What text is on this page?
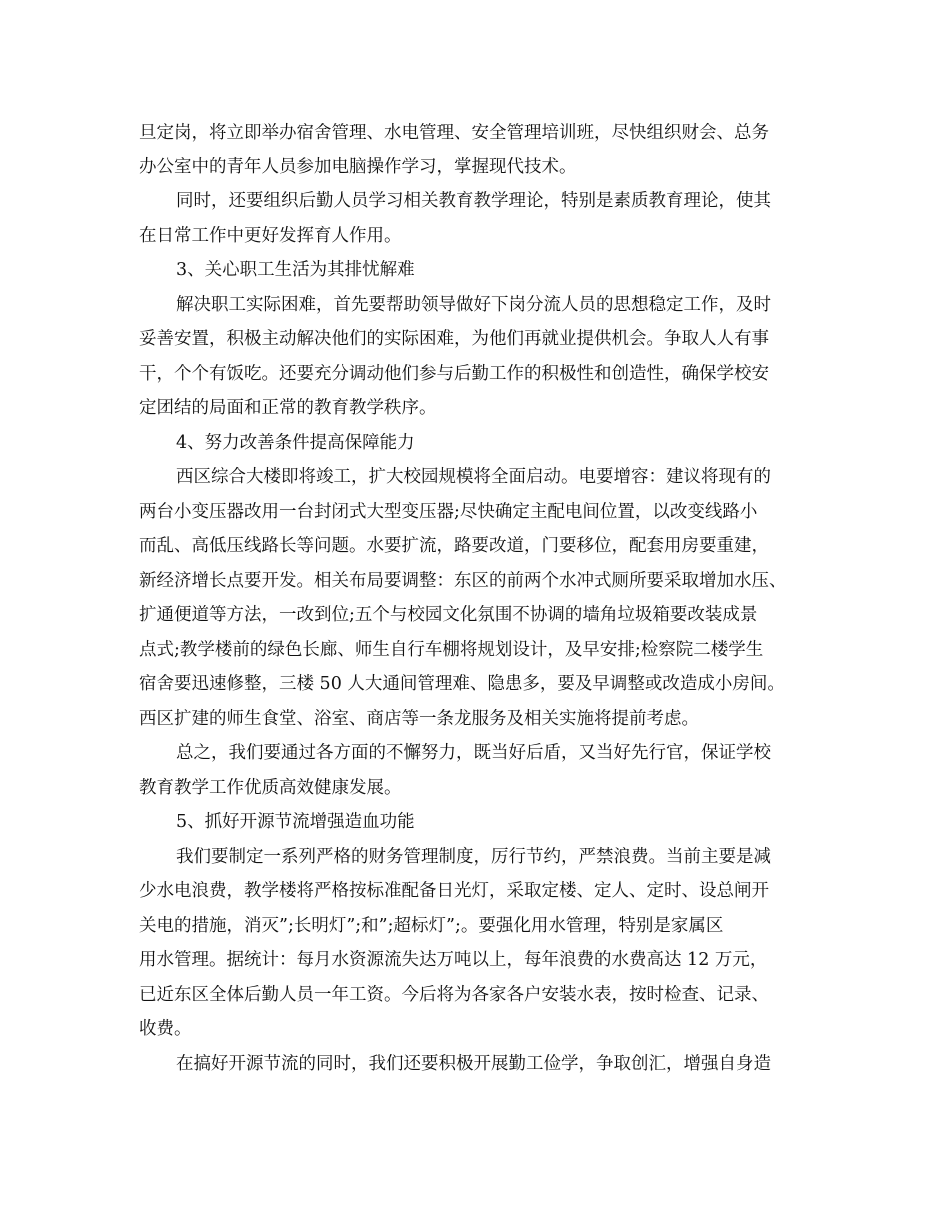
旦定岗，将立即举办宿舍管理、水电管理、安全管理培训班，尽快组织财会、总务
办公室中的青年人员参加电脑操作学习，掌握现代技术。
同时，还要组织后勤人员学习相关教育教学理论，特别是素质教育理论，使其
在日常工作中更好发挥育人作用。
3、关心职工生活为其排忧解难
解决职工实际困难，首先要帮助领导做好下岗分流人员的思想稳定工作，及时
妥善安置，积极主动解决他们的实际困难，为他们再就业提供机会。争取人人有事
干，个个有饭吃。还要充分调动他们参与后勤工作的积极性和创造性，确保学校安
定团结的局面和正常的教育教学秩序。
4、努力改善条件提高保障能力
西区综合大楼即将竣工，扩大校园规模将全面启动。电要增容：建议将现有的
两台小变压器改用一台封闭式大型变压器;尽快确定主配电间位置，以改变线路小
而乱、高低压线路长等问题。水要扩流，路要改道，门要移位，配套用房要重建，
新经济增长点要开发。相关布局要调整：东区的前两个水冲式厕所要采取增加水压、
扩通便道等方法，一改到位;五个与校园文化氛围不协调的墙角垃圾箱要改装成景
点式;教学楼前的绿色长廊、师生自行车棚将规划设计，及早安排;检察院二楼学生
宿舍要迅速修整，三楼 50 人大通间管理难、隐患多，要及早调整或改造成小房间。
西区扩建的师生食堂、浴室、商店等一条龙服务及相关实施将提前考虑。
总之，我们要通过各方面的不懈努力，既当好后盾，又当好先行官，保证学校
教育教学工作优质高效健康发展。
5、抓好开源节流增强造血功能
我们要制定一系列严格的财务管理制度，厉行节约，严禁浪费。当前主要是减
少水电浪费，教学楼将严格按标准配备日光灯，采取定楼、定人、定时、设总闸开
关电的措施，消灭”;长明灯”;和”;超标灯”;。要强化用水管理，特别是家属区
用水管理。据统计：每月水资源流失达万吨以上，每年浪费的水费高达 12 万元，
已近东区全体后勤人员一年工资。今后将为各家各户安装水表，按时检查、记录、
收费。
在搞好开源节流的同时，我们还要积极开展勤工俭学，争取创汇，增强自身造
